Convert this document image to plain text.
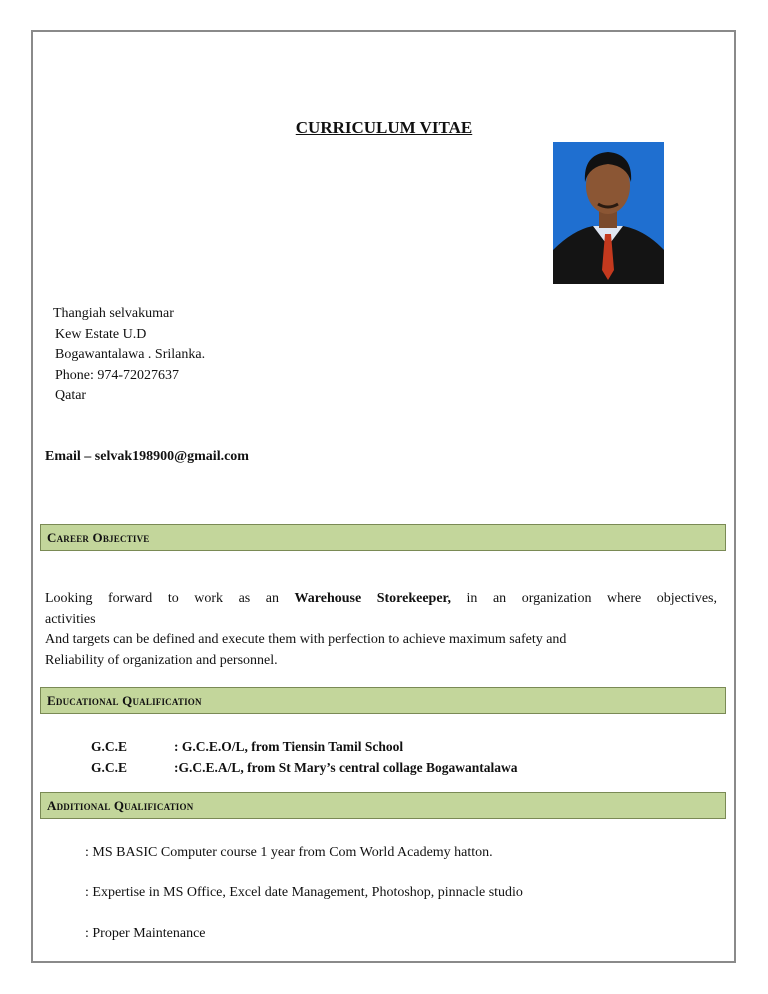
CURRICULUM VITAE
Thangiah selvakumar
Kew Estate U.D
Bogawantalawa . Srilanka.
Phone: 974-72027637
Qatar
Email – selvak198900@gmail.com
Career Objective
Looking forward to work as an Warehouse Storekeeper, in an organization where objectives,
activities
And targets can be defined and execute them with perfection to achieve maximum safety and
Reliability of organization and personnel.
Educational Qualification
G.C.E	: G.C.E.O/L, from Tiensin Tamil School
G.C.E	:G.C.E.A/L, from St Mary’s central collage Bogawantalawa
Additional Qualification
: MS BASIC Computer course 1 year from Com World Academy hatton.
: Expertise in MS Office, Excel date Management, Photoshop, pinnacle studio
: Proper Maintenance
